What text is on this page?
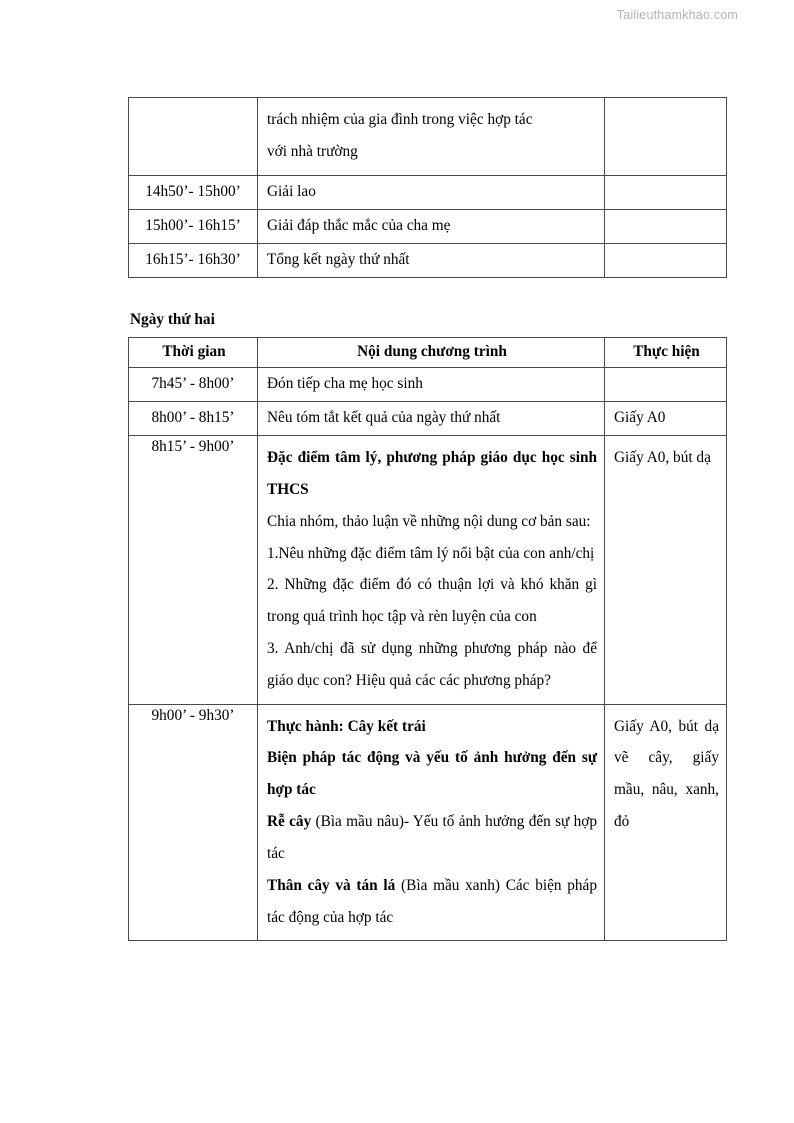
Tailieuthamkhao.com

	trách nhiệm của gia đình trong việc hợp tác

với nhà trường	

14h50’- 15h00’	Giải lao	

15h00’- 16h15’	Giải đáp thắc mắc của cha mẹ	

16h15’- 16h30’	Tổng kết ngày thứ nhất	

Ngày thứ hai
Thời gian	Nội dung chương trình	Thực hiện

7h45’ - 8h00’	Đón tiếp cha mẹ học sinh	

8h00’ - 8h15’	Nêu tóm tắt kết quả của ngày thứ nhất	Giấy A0

8h15’ - 9h00’	Đặc điểm tâm lý, phương pháp giáo dục học sinh THCS

Chia nhóm, thảo luận về những nội dung cơ bản sau:

1.Nêu những đặc điểm tâm lý nổi bật của con anh/chị

2. Những đặc điểm đó có thuận lợi và khó khăn gì trong quá trình học tập và rèn luyện của con

3. Anh/chị đã sử dụng những phương pháp nào để giáo dục con? Hiệu quả các các phương pháp?	Giấy A0, bút dạ

9h00’ - 9h30’	Thực hành: Cây kết trái

Biện pháp tác động và yếu tố ảnh hưởng đến sự hợp tác

Rễ cây (Bìa mầu nâu)- Yếu tố ảnh hưởng đến sự hợp tác

Thân cây và tán lá (Bìa mầu xanh) Các biện pháp tác động của hợp tác	Giấy A0, bút dạ vẽ cây, giấy mầu, nâu, xanh, đỏ
